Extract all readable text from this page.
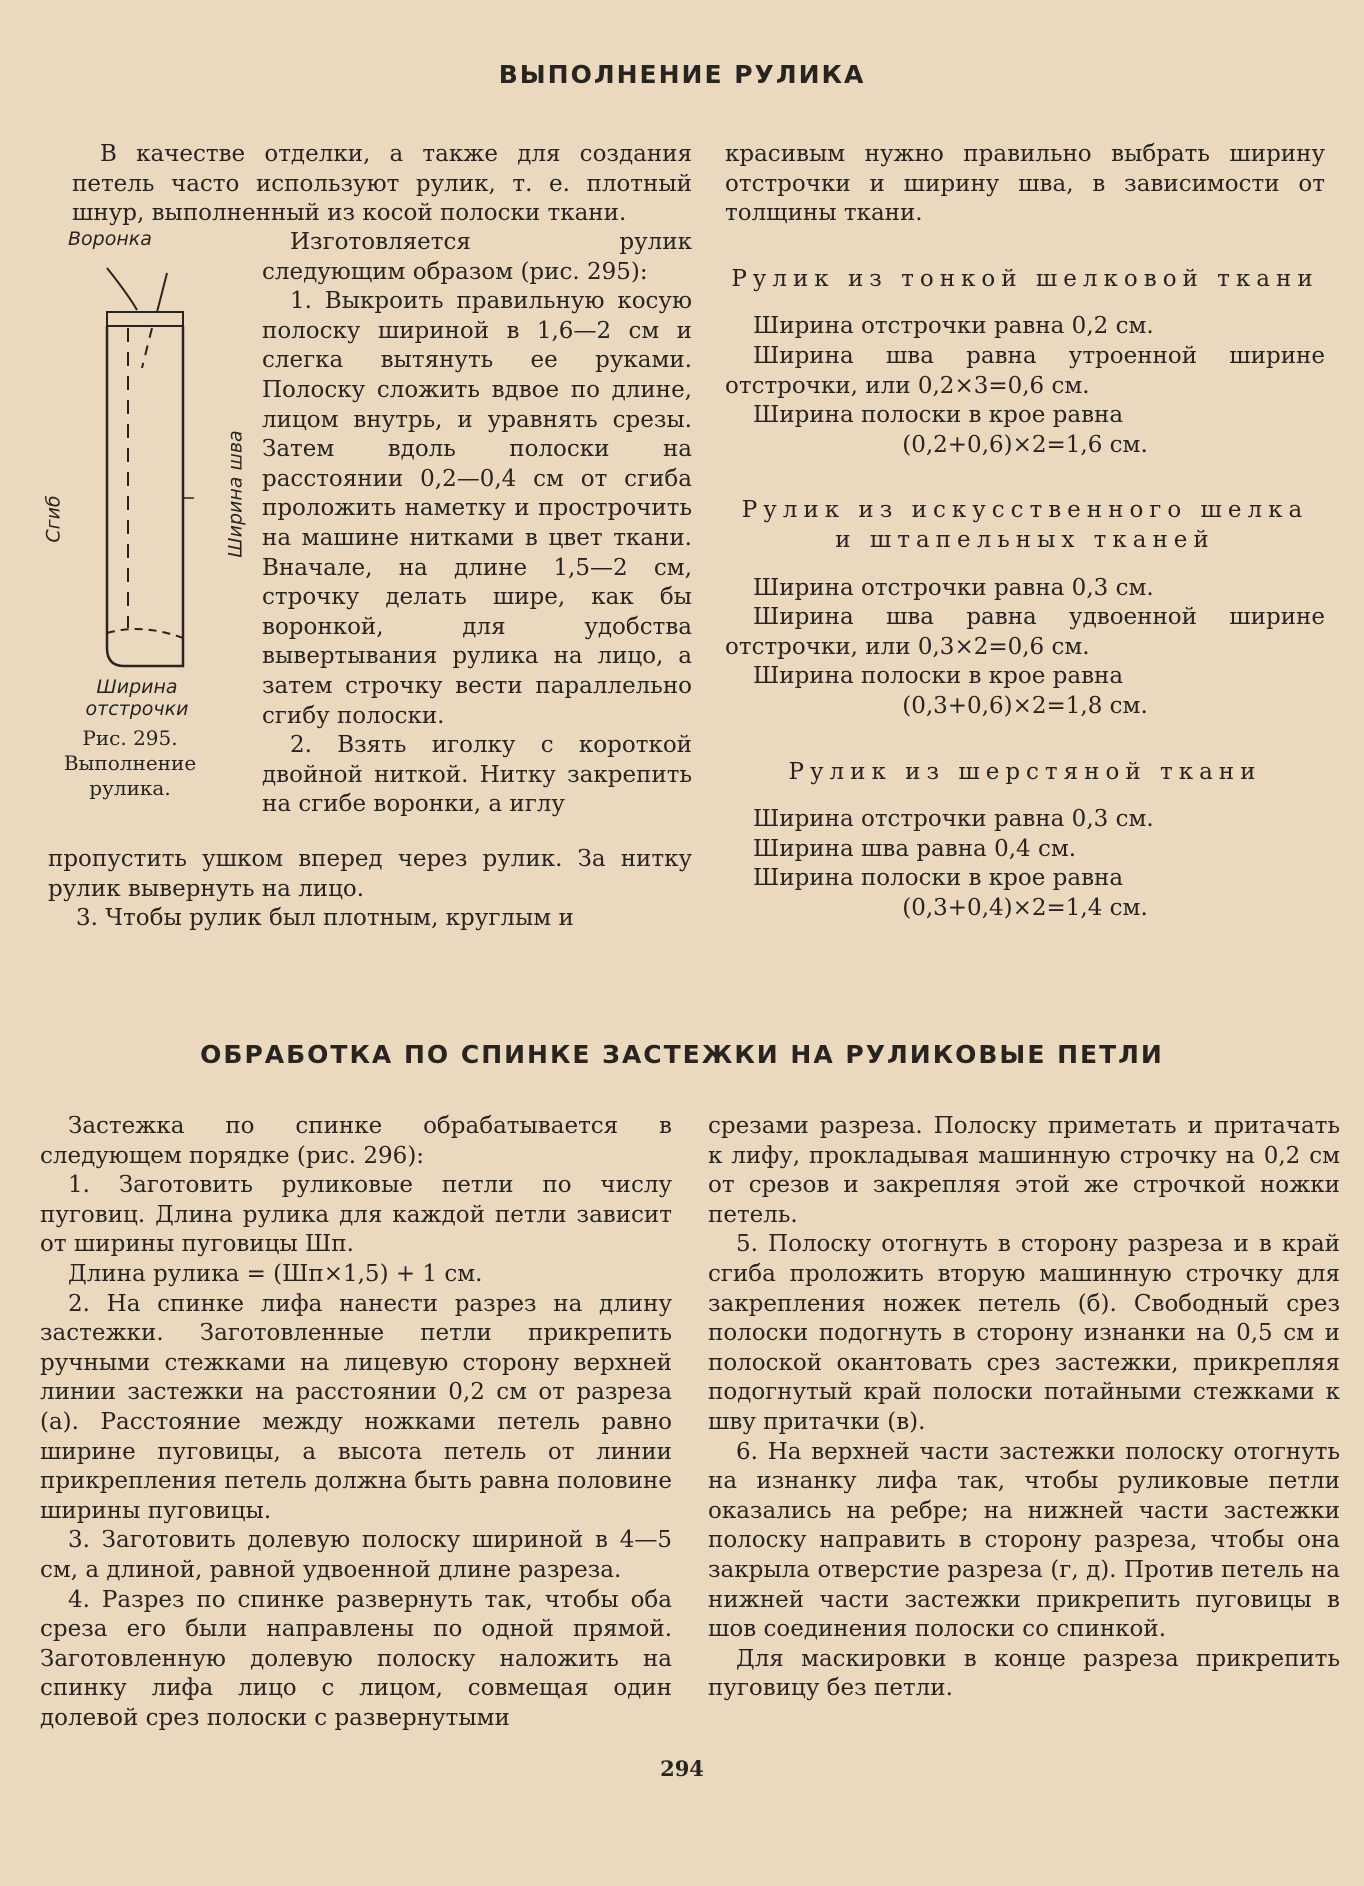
ВЫПОЛНЕНИЕ РУЛИКА

В качестве отделки, а также для создания петель часто используют рулик, т. е. плотный шнур, выполненный из косой полоски ткани.

Воронка
Сгиб	Ширина шва
Ширина отстрочки
Рис. 295.
Выполнение рулика.

Изготовляется рулик следующим образом (рис. 295):

1. Выкроить правильную косую полоску шириной в 1,6—2 см и слегка вытянуть ее руками. Полоску сложить вдвое по длине, лицом внутрь, и уравнять срезы. Затем вдоль полоски на расстоянии 0,2—0,4 см от сгиба проложить наметку и прострочить на машине нитками в цвет ткани. Вначале, на длине 1,5—2 см, строчку делать шире, как бы воронкой, для удобства вывертывания рулика на лицо, а затем строчку вести параллельно сгибу полоски.

2. Взять иголку с короткой двойной ниткой. Нитку закрепить на сгибе воронки, а иглу

пропустить ушком вперед через рулик. За нитку рулик вывернуть на лицо.

3. Чтобы рулик был плотным, круглым и

красивым нужно правильно выбрать ширину отстрочки и ширину шва, в зависимости от толщины ткани.

Рулик из тонкой шелковой ткани

Ширина отстрочки равна 0,2 см.

Ширина шва равна утроенной ширине отстрочки, или 0,2×3=0,6 см.

Ширина полоски в крое равна

(0,2+0,6)×2=1,6 см.

Рулик из искусственного шелка и штапельных тканей

Ширина отстрочки равна 0,3 см.

Ширина шва равна удвоенной ширине отстрочки, или 0,3×2=0,6 см.

Ширина полоски в крое равна

(0,3+0,6)×2=1,8 см.

Рулик из шерстяной ткани

Ширина отстрочки равна 0,3 см.

Ширина шва равна 0,4 см.

Ширина полоски в крое равна

(0,3+0,4)×2=1,4 см.

ОБРАБОТКА ПО СПИНКЕ ЗАСТЕЖКИ НА РУЛИКОВЫЕ ПЕТЛИ

Застежка по спинке обрабатывается в следующем порядке (рис. 296):

1. Заготовить руликовые петли по числу пуговиц. Длина рулика для каждой петли зависит от ширины пуговицы Шп.

Длина рулика = (Шп×1,5) + 1 см.

2. На спинке лифа нанести разрез на длину застежки. Заготовленные петли прикрепить ручными стежками на лицевую сторону верхней линии застежки на расстоянии 0,2 см от разреза (а). Расстояние между ножками петель равно ширине пуговицы, а высота петель от линии прикрепления петель должна быть равна половине ширины пуговицы.

3. Заготовить долевую полоску шириной в 4—5 см, а длиной, равной удвоенной длине разреза.

4. Разрез по спинке развернуть так, чтобы оба среза его были направлены по одной прямой. Заготовленную долевую полоску наложить на спинку лифа лицо с лицом, совмещая один долевой срез полоски с развернутыми

срезами разреза. Полоску приметать и притачать к лифу, прокладывая машинную строчку на 0,2 см от срезов и закрепляя этой же строчкой ножки петель.

5. Полоску отогнуть в сторону разреза и в край сгиба проложить вторую машинную строчку для закрепления ножек петель (б). Свободный срез полоски подогнуть в сторону изнанки на 0,5 см и полоской окантовать срез застежки, прикрепляя подогнутый край полоски потайными стежками к шву притачки (в).

6. На верхней части застежки полоску отогнуть на изнанку лифа так, чтобы руликовые петли оказались на ребре; на нижней части застежки полоску направить в сторону разреза, чтобы она закрыла отверстие разреза (г, д). Против петель на нижней части застежки прикрепить пуговицы в шов соединения полоски со спинкой.

Для маскировки в конце разреза прикрепить пуговицу без петли.

294
